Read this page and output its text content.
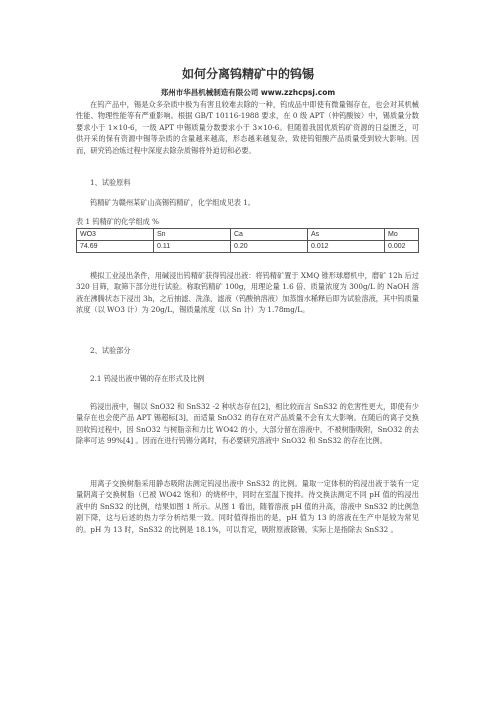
如何分离钨精矿中的钨锡
郑州市华昌机械制造有限公司 www.zzhcpsj.com

在钨产品中，锡是众多杂质中极为有害且较难去除的一种，钨成品中即使有微量锡存在，也会对其机械性能、物理性能等有严重影响。根据 GB/T 10116-1988 要求，在 0 级 APT（仲钨酸铵）中，锡质量分数要求小于 1×10-6，一级 APT 中锡质量分数要求小于 3×10-6。但随着我国优质钨矿资源的日益匮乏，可供开采的保有资源中锡等杂质的含量越来越高，形态越来越复杂，致使钨钼酸产品质量受到较大影响。因而，研究钨冶炼过程中深度去除杂质锡将外迫切和必要。

1、试验原料

钨精矿为赣州某矿山高锡钨精矿，化学组成见表 1。

表 1 钨精矿的化学组成 %

WO3	Sn	Ca	As	Mo
74.69	0.11	0.20	0.012	0.002

模拟工业浸出条件，用碱浸出钨精矿获得钨浸出液：将钨精矿置于 XMQ 锥形球磨机中，磨矿 12h 后过 320 目筛，取筛下部分进行试验。称取钨精矿 100g，用理论量 1.6 倍、质量浓度为 300g/L 的 NaOH 溶液在沸腾状态下浸出 3h，之后抽滤、洗涤，滤液（钨酸钠溶液）加蒸馏水稀释后即为试验溶液，其中钨质量浓度（以 WO3 计）为 20g/L，锡质量浓度（以 Sn 计）为 1.78mg/L。

2、试验部分

2.1 钨浸出液中锡的存在形式及比例

钨浸出液中，锡以 SnO32 和 SnS32 -2 种状态存在[2]，相比较而言 SnS32 的危害性更大，即使有少量存在也会使产品 APT 锡超标[3]，而适量 SnO32 的存在对产品质量不会有太大影响。在随后的离子交换回收钨过程中，因 SnO32 与树脂亲和力比 WO42 的小，大部分留在溶液中，不被树脂吸附，SnO32 的去除率可达 99%[4] 。因而在进行钨锡分离时，有必要研究溶液中 SnO32 和 SnS32 的存在比例。

用离子交换树脂采用静态吸附法测定钨浸出液中 SnS32 的比例。量取一定体积的钨浸出液于装有一定量阴离子交换树脂（已被 WO42 饱和）的烧杯中，同时在室温下搅拌。待交换法测定不同 pH 值的钨浸出液中的 SnS32 的比例，结果如图 1 所示。从图 1 看出，随着溶液 pH 值的升高，溶液中 SnS32 的比例急剧下降，这与后述的热力学分析结果一致。同时值得指出的是，pH 值为 13 的溶液在生产中是较为常见的。pH 为 13 时，SnS32 的比例是 18.1%，可以肯定，吸附原液除锡，实际上是指除去 SnS32 。
